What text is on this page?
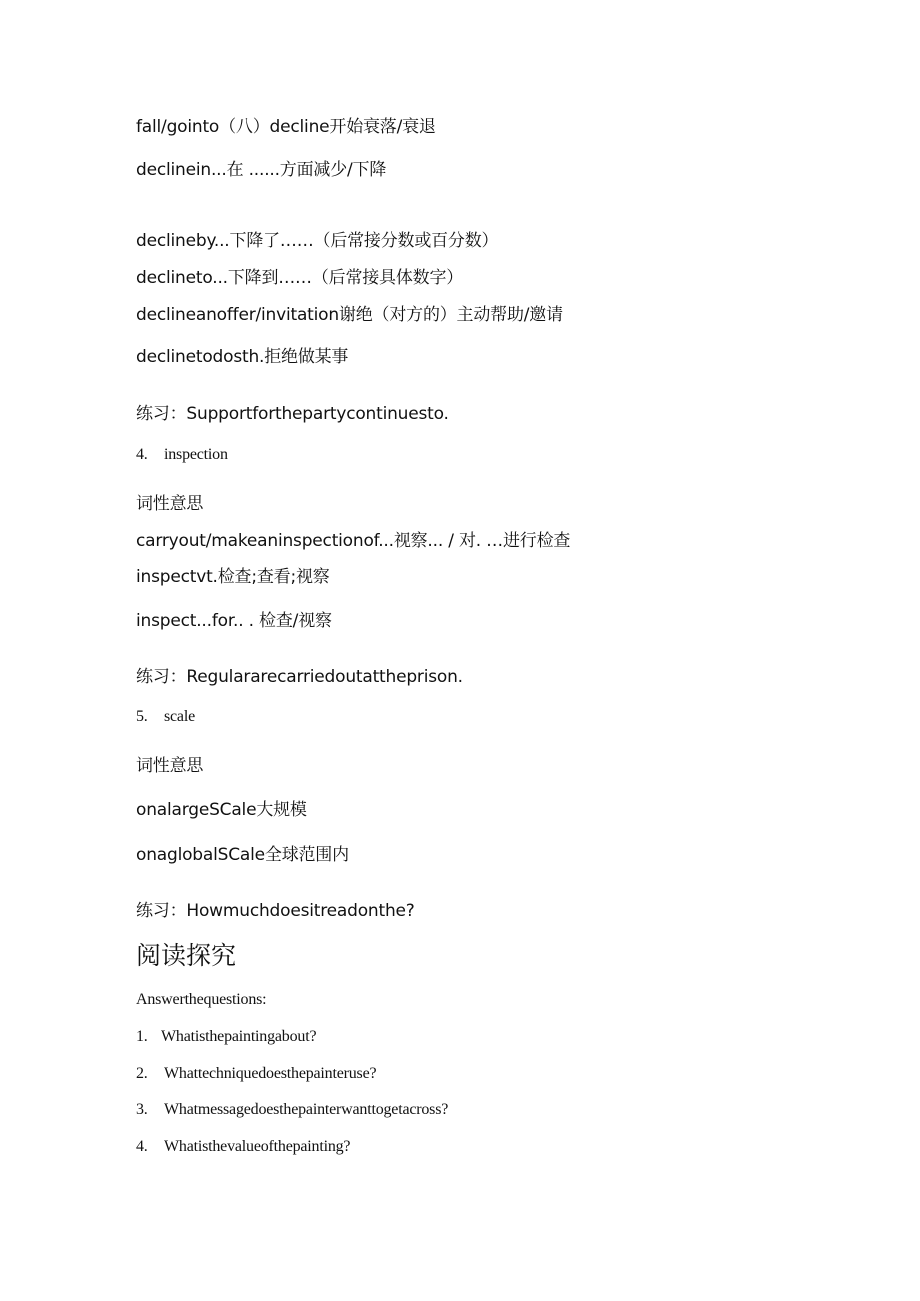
fall/gointo（八）decline开始衰落/衰退
declinein...在 ......方面减少/下降
declineby...下降了……（后常接分数或百分数）
declineto...下降到……（后常接具体数字）
declineanoffer/invitation谢绝（对方的）主动帮助/邀请
declinetodosth.拒绝做某事
练习：Supportforthepartycontinuesto.
4. inspection
词性意思
carryout/makeaninspectionof...视察... / 对. …进行检查
inspectvt.检查;查看;视察
inspect...for.. . 检查/视察
练习：Regulararecarriedoutattheprison.
5. scale
词性意思
onalargeSCale大规模
onaglobalSCale全球范围内
练习：Howmuchdoesitreadonthe?
阅读探究
Answerthequestions:
1. Whatisthepaintingabout?
2. Whattechniquedoesthepainteruse?
3. Whatmessagedoesthepainterwanttogetacross?
4. Whatisthevalueofthepainting?
